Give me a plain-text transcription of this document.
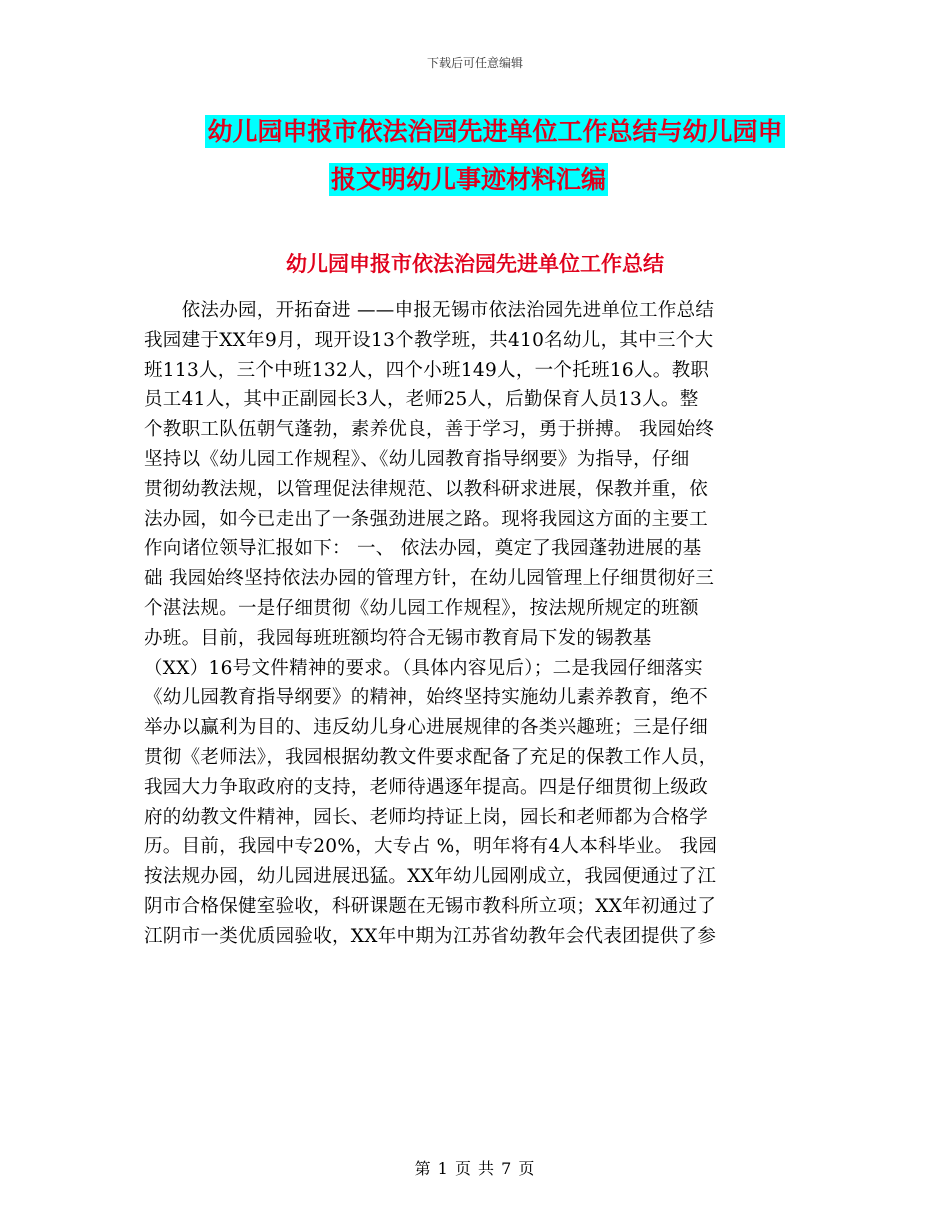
下载后可任意编辑
幼儿园申报市依法治园先进单位工作总结与幼儿园申
报文明幼儿事迹材料汇编
幼儿园申报市依法治园先进单位工作总结
　　依法办园，开拓奋进 ——申报无锡市依法治园先进单位工作总结
我园建于XX年9月，现开设13个教学班，共410名幼儿，其中三个大
班113人，三个中班132人，四个小班149人，一个托班16人。教职
员工41人，其中正副园长3人，老师25人，后勤保育人员13人。整
个教职工队伍朝气蓬勃，素养优良，善于学习，勇于拼搏。 我园始终
坚持以《幼儿园工作规程》、《幼儿园教育指导纲要》为指导，仔细
贯彻幼教法规，以管理促法律规范、以教科研求进展，保教并重，依
法办园，如今已走出了一条强劲进展之路。现将我园这方面的主要工
作向诸位领导汇报如下： 一、 依法办园，奠定了我园蓬勃进展的基
础 我园始终坚持依法办园的管理方针，在幼儿园管理上仔细贯彻好三
个湛法规。一是仔细贯彻《幼儿园工作规程》，按法规所规定的班额
办班。目前，我园每班班额均符合无锡市教育局下发的锡教基
（XX）16号文件精神的要求。（具体内容见后）；二是我园仔细落实
《幼儿园教育指导纲要》的精神，始终坚持实施幼儿素养教育，绝不
举办以赢利为目的、违反幼儿身心进展规律的各类兴趣班；三是仔细
贯彻《老师法》，我园根据幼教文件要求配备了充足的保教工作人员，
我园大力争取政府的支持，老师待遇逐年提高。四是仔细贯彻上级政
府的幼教文件精神，园长、老师均持证上岗，园长和老师都为合格学
历。目前，我园中专20%，大专占 %，明年将有4人本科毕业。 我园
按法规办园，幼儿园进展迅猛。XX年幼儿园刚成立，我园便通过了江
阴市合格保健室验收，科研课题在无锡市教科所立项；XX年初通过了
江阴市一类优质园验收，XX年中期为江苏省幼教年会代表团提供了参
第 1 页 共 7 页
